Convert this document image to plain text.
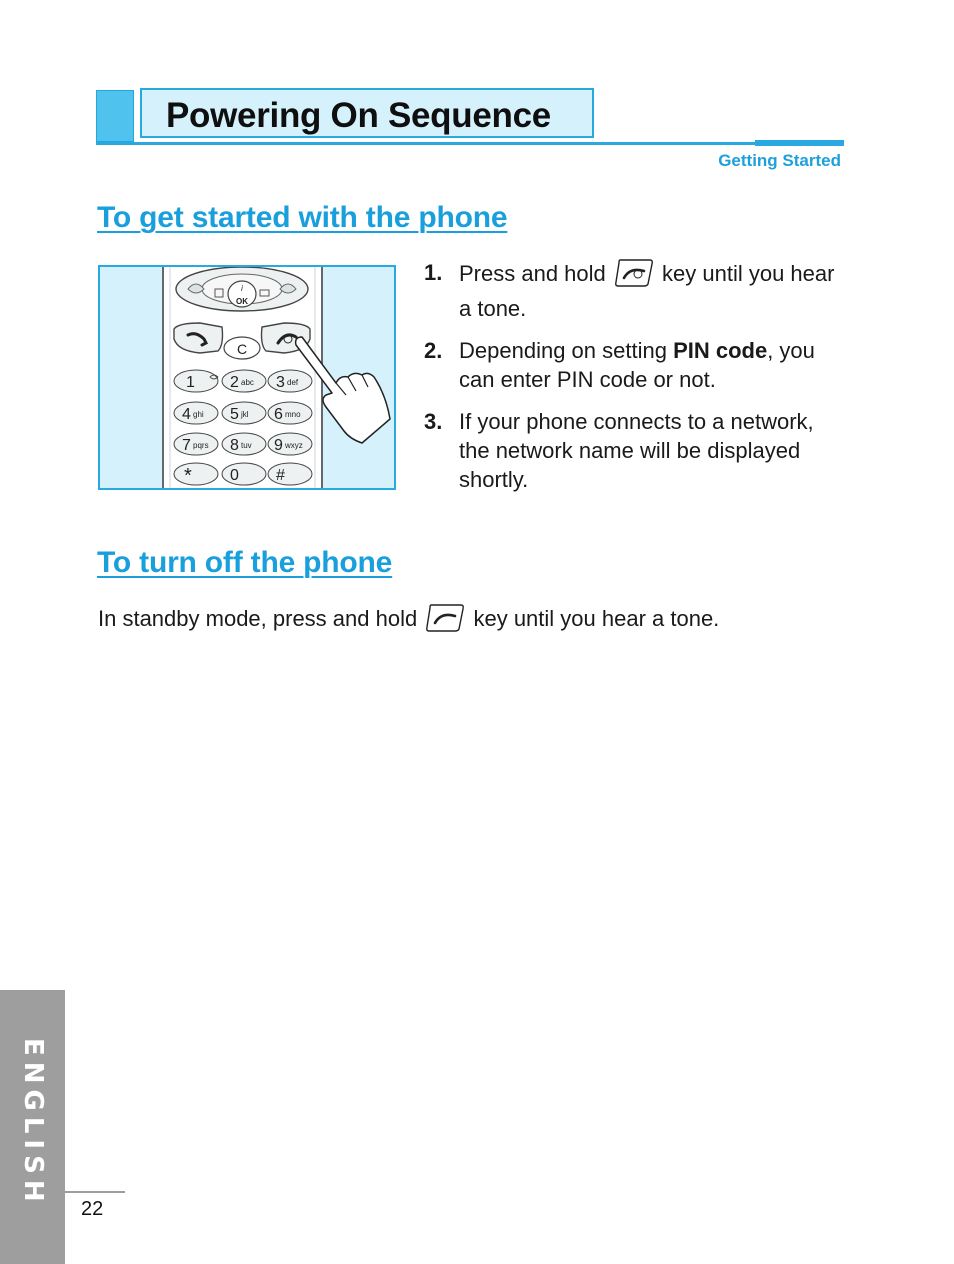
Powering On Sequence
Getting Started
To get started with the phone
i
OK
C
1 2 abc 3 def
4 ghi 5 jkl 6 mno
7 pqrs 8 tuv 9 wxyz
* 0 #
1. Press and hold	key until you hear a tone.
2. Depending on setting PIN code, you can enter PIN code or not.
3. If your phone connects to a network, the network name will be displayed shortly.
To turn off the phone

In standby mode, press and hold	key until you hear a tone.

ENGLISH

22
